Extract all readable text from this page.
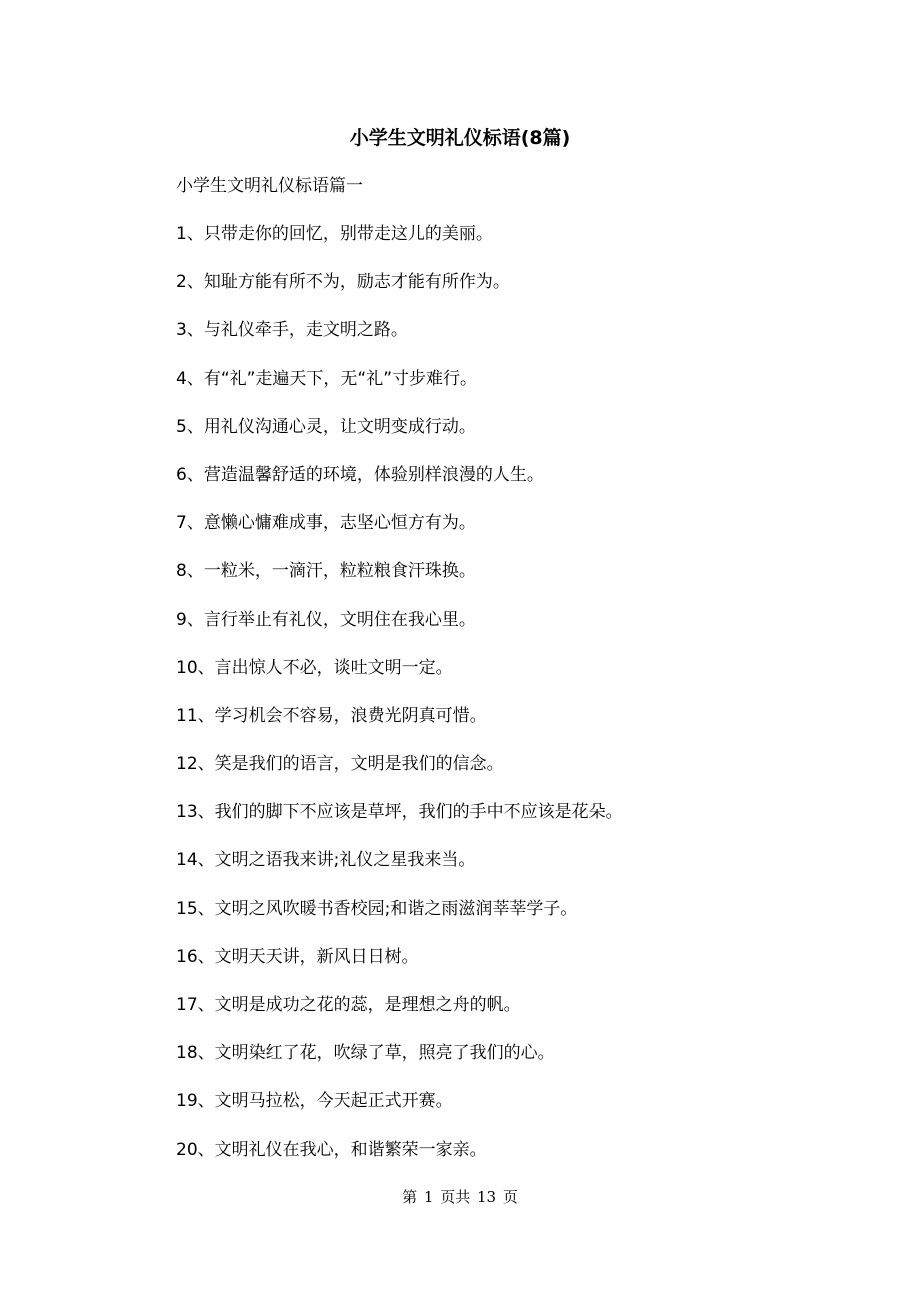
小学生文明礼仪标语(8篇)

小学生文明礼仪标语篇一

1、只带走你的回忆，别带走这儿的美丽。
2、知耻方能有所不为，励志才能有所作为。
3、与礼仪牵手，走文明之路。
4、有“礼”走遍天下，无“礼”寸步难行。
5、用礼仪沟通心灵，让文明变成行动。
6、营造温馨舒适的环境，体验别样浪漫的人生。
7、意懒心慵难成事，志坚心恒方有为。
8、一粒米，一滴汗，粒粒粮食汗珠换。
9、言行举止有礼仪，文明住在我心里。
10、言出惊人不必，谈吐文明一定。
11、学习机会不容易，浪费光阴真可惜。
12、笑是我们的语言，文明是我们的信念。
13、我们的脚下不应该是草坪，我们的手中不应该是花朵。
14、文明之语我来讲;礼仪之星我来当。
15、文明之风吹暖书香校园;和谐之雨滋润莘莘学子。
16、文明天天讲，新风日日树。
17、文明是成功之花的蕊，是理想之舟的帆。
18、文明染红了花，吹绿了草，照亮了我们的心。
19、文明马拉松，今天起正式开赛。
20、文明礼仪在我心，和谐繁荣一家亲。
第 1 页共 13 页
